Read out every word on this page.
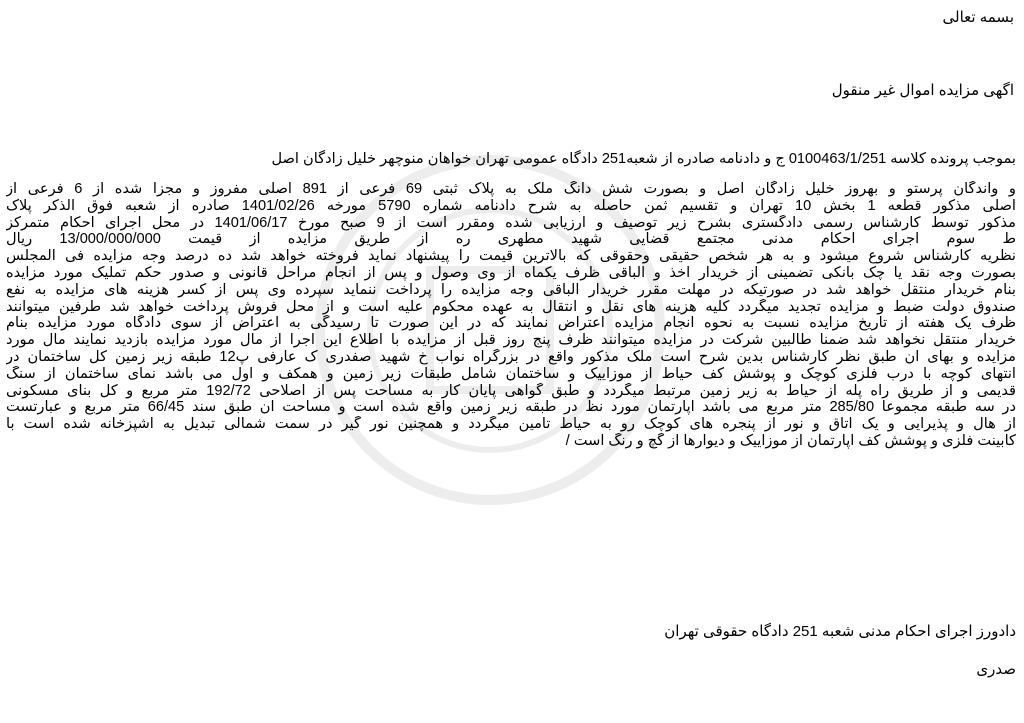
بسمه تعالی
اگهی مزایده اموال غیر منقول
بموجب پرونده کلاسه 0100463/1/251 ج و دادنامه صادره از شعبه251 دادگاه عمومی تهران خواهان منوچهر خلیل زادگان اصل
و واندگان پرستو و بهروز خلیل زادگان اصل و بصورت شش دانگ ملک به پلاک ثبتی 69 فرعی از 891 اصلی مفروز و مجزا شده از 6 فرعی از
اصلی مذکور قطعه 1 بخش 10 تهران و تقسیم ثمن حاصله به شرح دادنامه شماره 5790 مورخه 1401/02/26 صادره از شعبه فوق الذکر پلاک
مذکور توسط کارشناس رسمی دادگستری بشرح زیر توصیف و ارزیابی شده ومقرر است از 9 صبح مورخ 1401/06/17 در محل اجرای احکام متمرکز
ط سوم اجرای احکام مدنی مجتمع قضایی شهید مطهری ره از طریق مزایده از قیمت 13/000/000/000 ریال
نظریه کارشناس شروع میشود و به هر شخص حقیقی وحقوقی که بالاترین قیمت را پیشنهاد نماید فروخته خواهد شد ده درصد وجه مزایده فی المجلس
بصورت وجه نقد یا چک بانکی تضمینی از خریدار اخذ و الباقی ظرف یکماه از وی وصول و پس از انجام مراحل قانونی و صدور حکم تملیک مورد مزایده
بنام خریدار منتقل خواهد شد در صورتیکه در مهلت مقرر خریدار الباقی وجه مزایده را پرداخت ننماید سپرده وی پس از کسر هزینه های مزایده به نفع
صندوق دولت ضبط و مزایده تجدید میگردد کلیه هزینه های نقل و انتقال به عهده محکوم علیه است و از محل فروش پرداخت خواهد شد طرفین میتوانند
ظرف یک هفته از تاریخ مزایده نسبت به نحوه انجام مزایده اعتراض نمایند که در این صورت تا رسیدگی به اعتراض از سوی دادگاه مورد مزایده بنام
خریدار منتقل نخواهد شد ضمنا طالبین شرکت در مزایده میتوانند ظرف پنج روز قبل از مزایده با اطلاع این اجرا از مال مورد مزایده بازدید نمایند مال مورد
مزایده و بهای ان طبق نظر کارشناس بدین شرح است ملک مذکور واقع در بزرگراه نواب خ شهید صفدری ک عارفی پ12 طبقه زیر زمین کل ساختمان در
انتهای کوچه با درب فلزی کوچک و پوشش کف حیاط از موزاییک و ساختمان شامل طبقات زیر زمین و همکف و اول می باشد نمای ساختمان از سنگ
قدیمی و از طریق راه پله از حیاط به زیر زمین مرتبط میگردد و طبق گواهی پایان کار به مساحت پس از اصلاحی 192/72 متر مربع و کل بنای مسکونی
در سه طبقه مجموعا 285/80 متر مربع می باشد آپارتمان مورد نظ در طبقه زیر زمین واقع شده است و مساحت آن طبق سند 66/45 متر مربع و عبارتست
از هال و پذیرایی و یک اتاق و نور از پنجره های کوچک رو به حیاط تامین میگردد و همچنین نور گیر در سمت شمالی تبدیل به آشپزخانه شده است با
کابینت فلزی و پوشش کف آپارتمان از موزاییک و دیوارها از گچ و رنگ است /
دادورز اجرای احکام مدنی شعبه 251 دادگاه حقوقی تهران
صدری
